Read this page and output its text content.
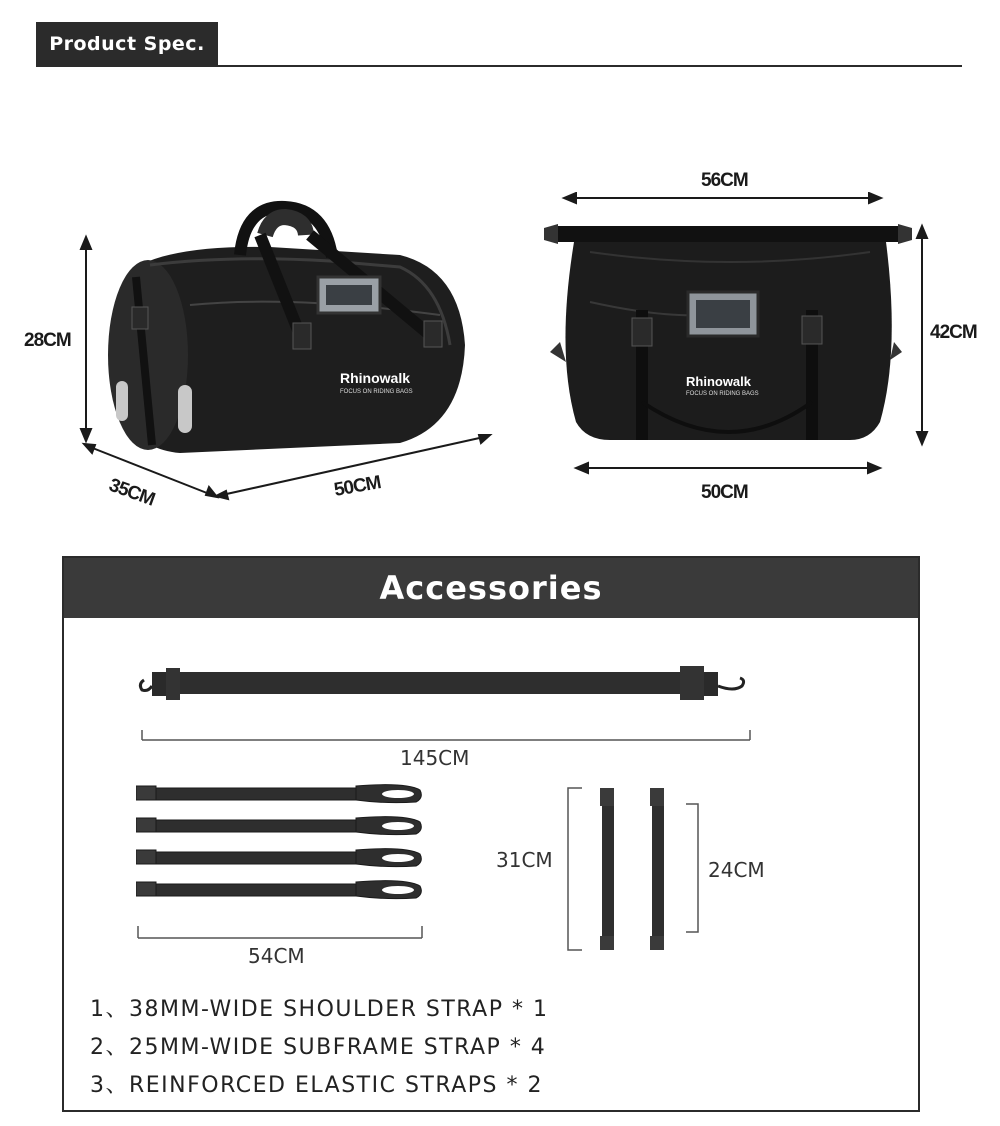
Product Spec.
Rhinowalk
FOCUS ON RIDING BAGS
28CM
35CM	50CM
Rhinowalk
FOCUS ON RIDING BAGS
56CM
42CM
50CM
Accessories
145CM
54CM
31CM	24CM
1、38MM-WIDE SHOULDER STRAP * 1
2、25MM-WIDE SUBFRAME STRAP * 4
3、REINFORCED ELASTIC STRAPS * 2
